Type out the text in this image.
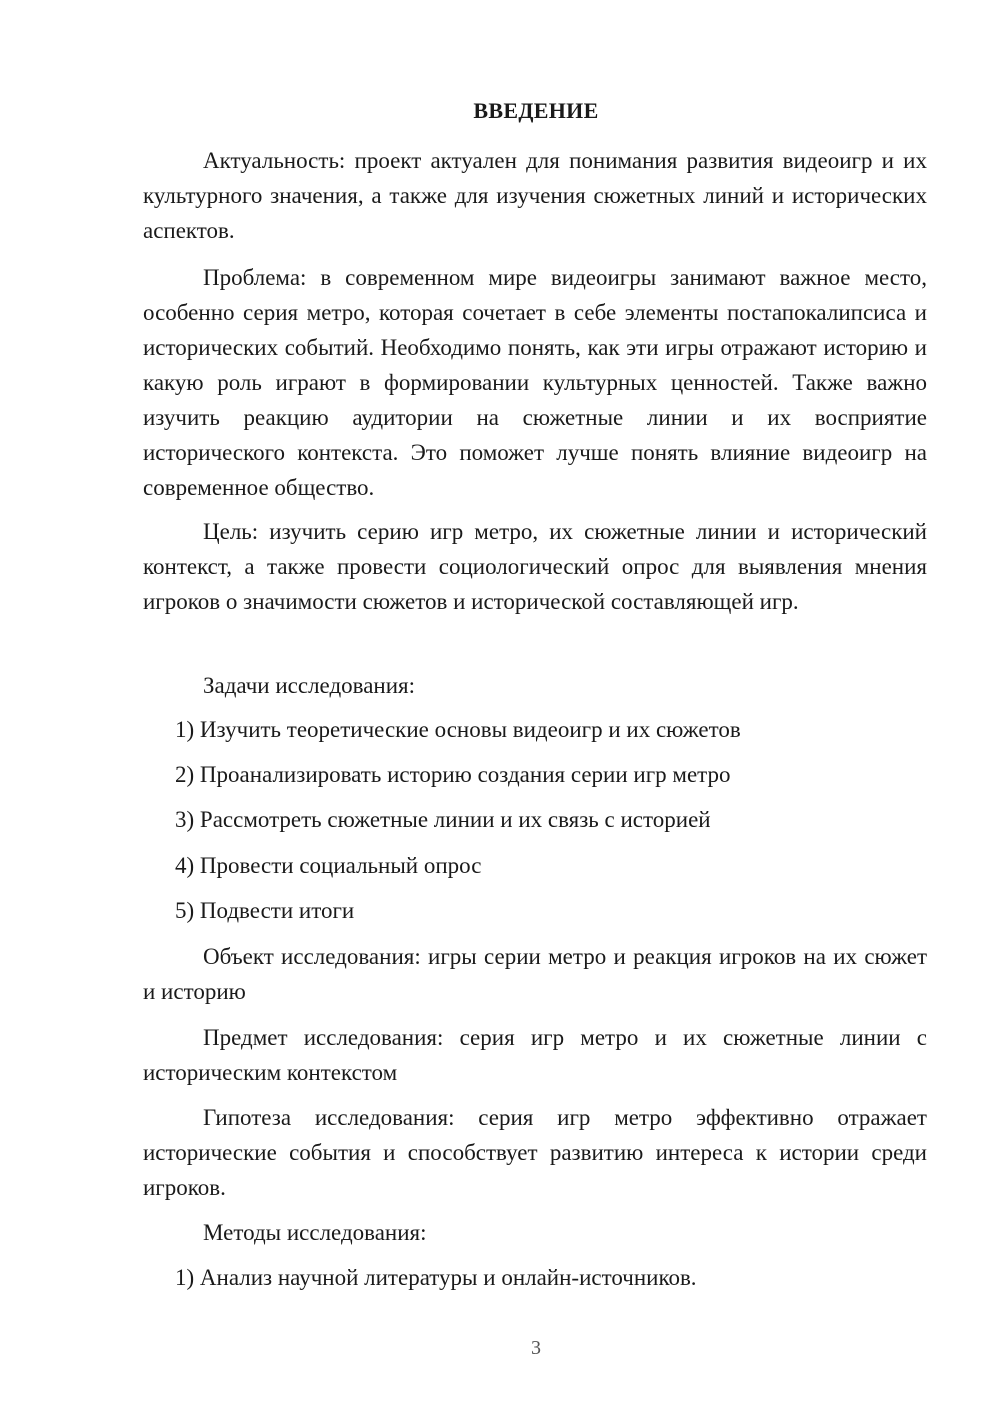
ВВЕДЕНИЕ

Актуальность: проект актуален для понимания развития видеоигр и их культурного значения, а также для изучения сюжетных линий и исторических аспектов.

Проблема: в современном мире видеоигры занимают важное место, особенно серия метро, которая сочетает в себе элементы постапокалипсиса и исторических событий. Необходимо понять, как эти игры отражают историю и какую роль играют в формировании культурных ценностей. Также важно изучить реакцию аудитории на сюжетные линии и их восприятие исторического контекста. Это поможет лучше понять влияние видеоигр на современное общество.

Цель: изучить серию игр метро, их сюжетные линии и исторический контекст, а также провести социологический опрос для выявления мнения игроков о значимости сюжетов и исторической составляющей игр.

Задачи исследования:

1) Изучить теоретические основы видеоигр и их сюжетов

2) Проанализировать историю создания серии игр метро

3) Рассмотреть сюжетные линии и их связь с историей

4) Провести социальный опрос

5) Подвести итоги

Объект исследования: игры серии метро и реакция игроков на их сюжет и историю

Предмет исследования: серия игр метро и их сюжетные линии с историческим контекстом

Гипотеза исследования: серия игр метро эффективно отражает исторические события и способствует развитию интереса к истории среди игроков.

Методы исследования:

1) Анализ научной литературы и онлайн-источников.

3
